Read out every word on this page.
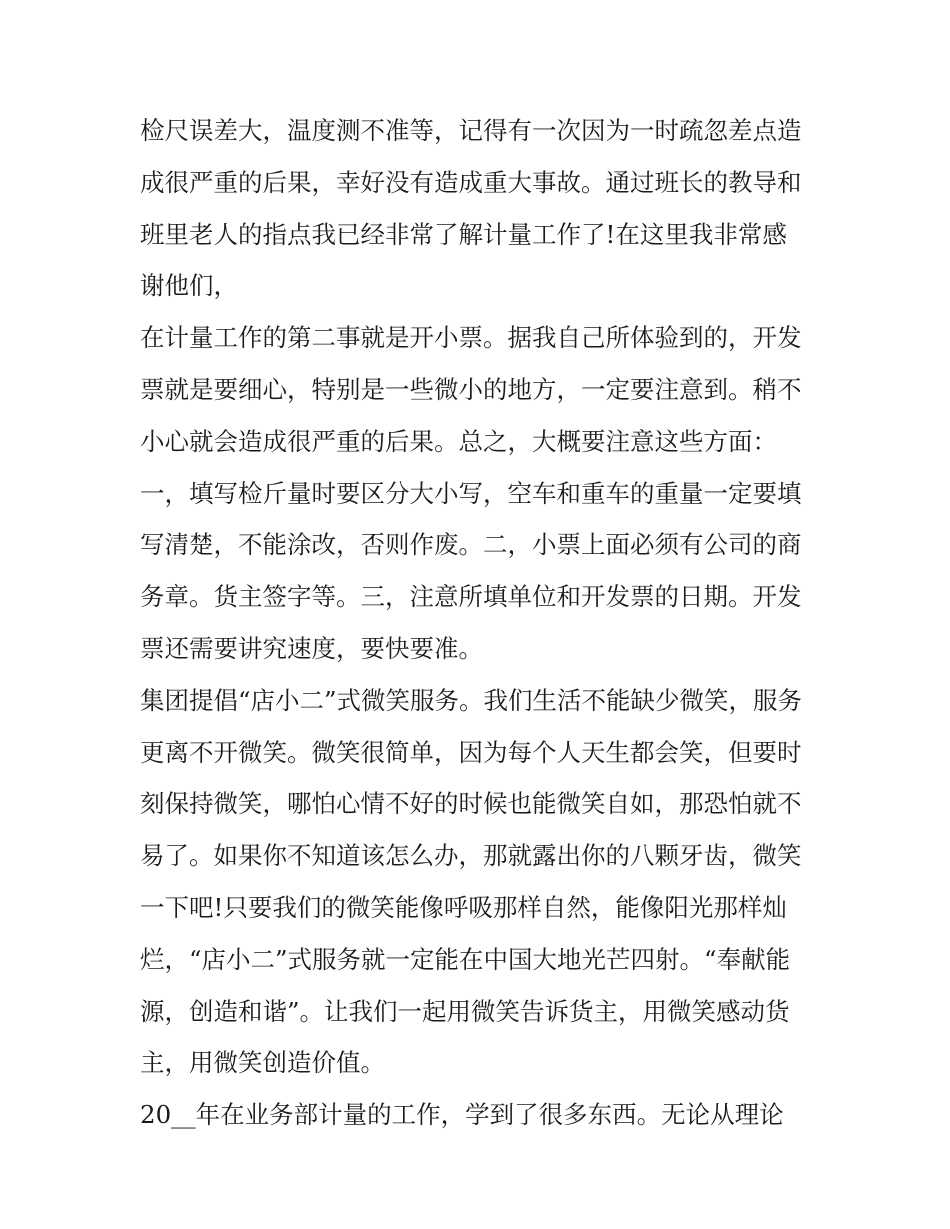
检尺误差大，温度测不准等，记得有一次因为一时疏忽差点造
成很严重的后果，幸好没有造成重大事故。通过班长的教导和
班里老人的指点我已经非常了解计量工作了!在这里我非常感
谢他们，
在计量工作的第二事就是开小票。据我自己所体验到的，开发
票就是要细心，特别是一些微小的地方，一定要注意到。稍不
小心就会造成很严重的后果。总之，大概要注意这些方面：
一，填写检斤量时要区分大小写，空车和重车的重量一定要填
写清楚，不能涂改，否则作废。二，小票上面必须有公司的商
务章。货主签字等。三，注意所填单位和开发票的日期。开发
票还需要讲究速度，要快要准。
集团提倡“店小二”式微笑服务。我们生活不能缺少微笑，服务
更离不开微笑。微笑很简单，因为每个人天生都会笑，但要时
刻保持微笑，哪怕心情不好的时候也能微笑自如，那恐怕就不
易了。如果你不知道该怎么办，那就露出你的八颗牙齿，微笑
一下吧!只要我们的微笑能像呼吸那样自然，能像阳光那样灿
烂，“店小二”式服务就一定能在中国大地光芒四射。“奉献能
源，创造和谐”。让我们一起用微笑告诉货主，用微笑感动货
主，用微笑创造价值。
20__年在业务部计量的工作，学到了很多东西。无论从理论
